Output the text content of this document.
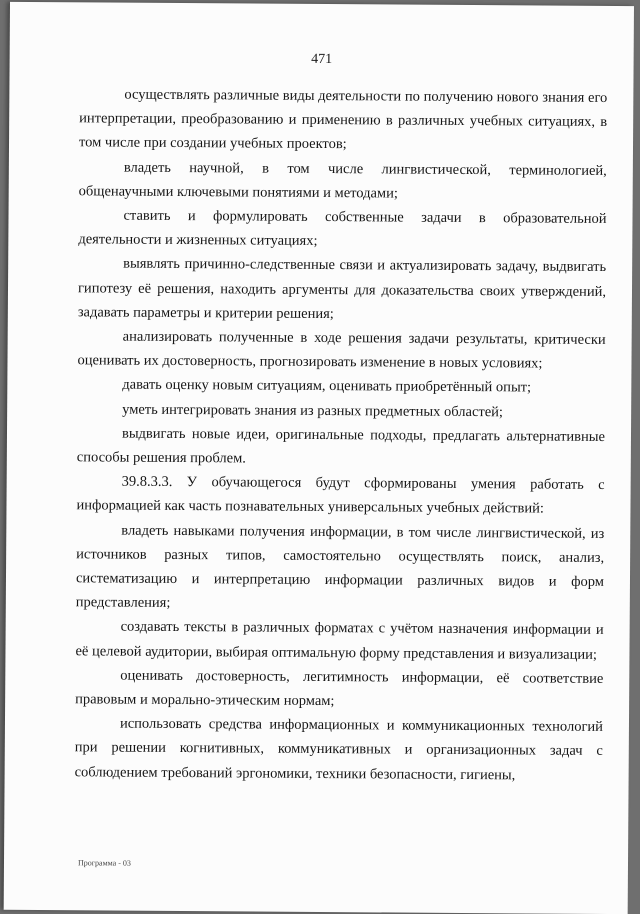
471

осуществлять различные виды деятельности по получению нового знания его интерпретации, преобразованию и применению в различных учебных ситуациях, в том числе при создании учебных проектов;

владеть научной, в том числе лингвистической, терминологией, общенаучными ключевыми понятиями и методами;

ставить и формулировать собственные задачи в образовательной деятельности и жизненных ситуациях;

выявлять причинно-следственные связи и актуализировать задачу, выдвигать гипотезу её решения, находить аргументы для доказательства своих утверждений, задавать параметры и критерии решения;

анализировать полученные в ходе решения задачи результаты, критически оценивать их достоверность, прогнозировать изменение в новых условиях;

давать оценку новым ситуациям, оценивать приобретённый опыт;

уметь интегрировать знания из разных предметных областей;

выдвигать новые идеи, оригинальные подходы, предлагать альтернативные способы решения проблем.

39.8.3.3. У обучающегося будут сформированы умения работать с информацией как часть познавательных универсальных учебных действий:

владеть навыками получения информации, в том числе лингвистической, из источников разных типов, самостоятельно осуществлять поиск, анализ, систематизацию и интерпретацию информации различных видов и форм представления;

создавать тексты в различных форматах с учётом назначения информации и её целевой аудитории, выбирая оптимальную форму представления и визуализации;

оценивать достоверность, легитимность информации, её соответствие правовым и морально-этическим нормам;

использовать средства информационных и коммуникационных технологий при решении когнитивных, коммуникативных и организационных задач с соблюдением требований эргономики, техники безопасности, гигиены,

Программа - 03
